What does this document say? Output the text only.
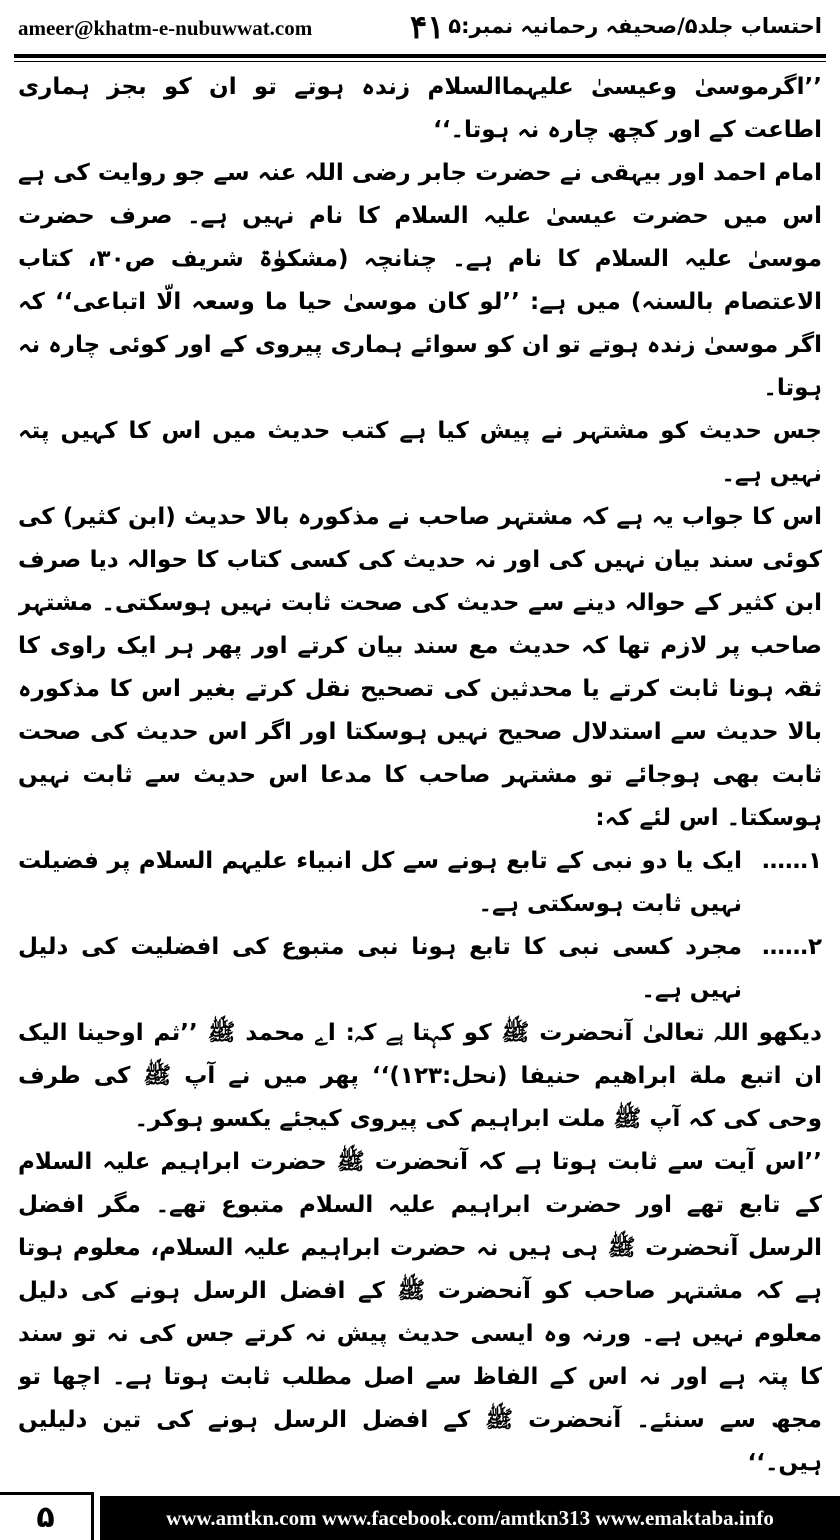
ameer@khatm-e-nubuwwat.com	۴۱ احتساب جلد۵/صحیفہ رحمانیہ نمبر:۵

’’اگرموسیٰ وعیسیٰ علیہماالسلام زندہ ہوتے تو ان کو بجز ہماری اطاعت کے اور کچھ چارہ نہ ہوتا۔‘‘

امام احمد اور بیہقی نے حضرت جابر رضی اللہ عنہ سے جو روایت کی ہے اس میں حضرت عیسیٰ علیہ السلام کا نام نہیں ہے۔ صرف حضرت موسیٰ علیہ السلام کا نام ہے۔ چنانچہ (مشکوٰۃ شریف ص۳۰، کتاب الاعتصام بالسنہ) میں ہے: ’’لو کان موسیٰ حیا ما وسعہ الّا اتباعی‘‘ کہ اگر موسیٰ زندہ ہوتے تو ان کو سوائے ہماری پیروی کے اور کوئی چارہ نہ ہوتا۔

جس حدیث کو مشتہر نے پیش کیا ہے کتب حدیث میں اس کا کہیں پتہ نہیں ہے۔

اس کا جواب یہ ہے کہ مشتہر صاحب نے مذکورہ بالا حدیث (ابن کثیر) کی کوئی سند بیان نہیں کی اور نہ حدیث کی کسی کتاب کا حوالہ دیا صرف ابن کثیر کے حوالہ دینے سے حدیث کی صحت ثابت نہیں ہوسکتی۔ مشتہر صاحب پر لازم تھا کہ حدیث مع سند بیان کرتے اور پھر ہر ایک راوی کا ثقہ ہونا ثابت کرتے یا محدثین کی تصحیح نقل کرتے بغیر اس کا مذکورہ بالا حدیث سے استدلال صحیح نہیں ہوسکتا اور اگر اس حدیث کی صحت ثابت بھی ہوجائے تو مشتہر صاحب کا مدعا اس حدیث سے ثابت نہیں ہوسکتا۔ اس لئے کہ:

۱……
ایک یا دو نبی کے تابع ہونے سے کل انبیاء علیہم السلام پر فضیلت نہیں ثابت ہوسکتی ہے۔
۲……
مجرد کسی نبی کا تابع ہونا نبی متبوع کی افضلیت کی دلیل نہیں ہے۔

دیکھو اللہ تعالیٰ آنحضرت ﷺ کو کہتا ہے کہ: اے محمد ﷺ ’’ثم اوحینا الیک ان اتبع ملة ابراهیم حنیفا (نحل:۱۲۳)‘‘ پھر میں نے آپ ﷺ کی طرف وحی کی کہ آپ ﷺ ملت ابراہیم کی پیروی کیجئے یکسو ہوکر۔

’’اس آیت سے ثابت ہوتا ہے کہ آنحضرت ﷺ حضرت ابراہیم علیہ السلام کے تابع تھے اور حضرت ابراہیم علیہ السلام متبوع تھے۔ مگر افضل الرسل آنحضرت ﷺ ہی ہیں نہ حضرت ابراہیم علیہ السلام، معلوم ہوتا ہے کہ مشتہر صاحب کو آنحضرت ﷺ کے افضل الرسل ہونے کی دلیل معلوم نہیں ہے۔ ورنہ وہ ایسی حدیث پیش نہ کرتے جس کی نہ تو سند کا پتہ ہے اور نہ اس کے الفاظ سے اصل مطلب ثابت ہوتا ہے۔ اچھا تو مجھ سے سنئے۔ آنحضرت ﷺ کے افضل الرسل ہونے کی تین دلیلیں ہیں۔‘‘

۵	www.amtkn.com www.facebook.com/amtkn313 www.emaktaba.info
